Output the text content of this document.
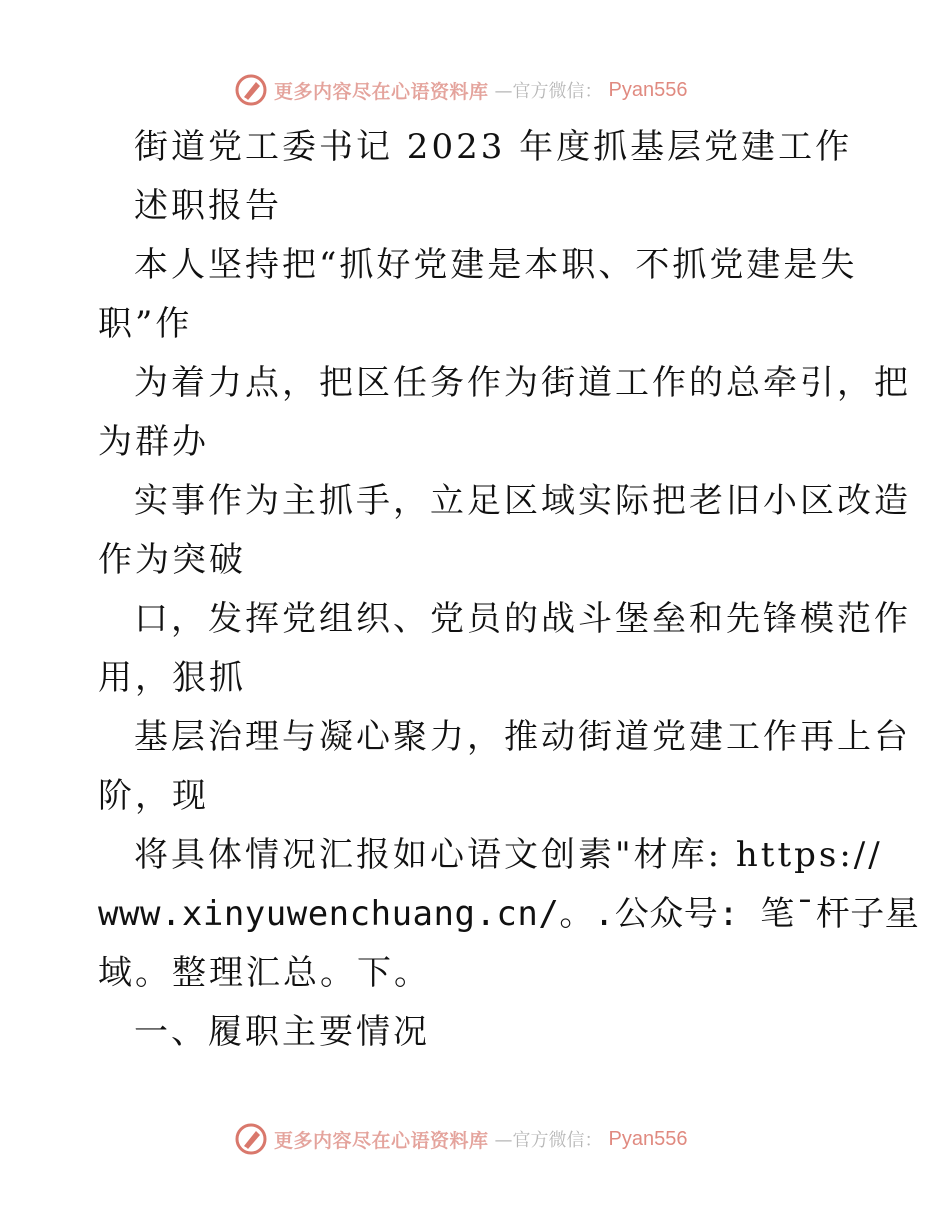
更多内容尽在心语资料库 —官方微信： Pyan556
街道党工委书记 2023 年度抓基层党建工作
述职报告
本人坚持把“抓好党建是本职、不抓党建是失
职”作
为着力点，把区任务作为街道工作的总牵引，把
为群办
实事作为主抓手，立足区域实际把老旧小区改造
作为突破
口，发挥党组织、党员的战斗堡垒和先锋模范作
用，狠抓
基层治理与凝心聚力，推动街道党建工作再上台
阶，现
将具体情况汇报如心语文创素"材库: https://
www.xinyuwenchuang.cn/。.公众号: 笔¯杆子星
域。整理汇总。下。
一、履职主要情况
更多内容尽在心语资料库 —官方微信： Pyan556
